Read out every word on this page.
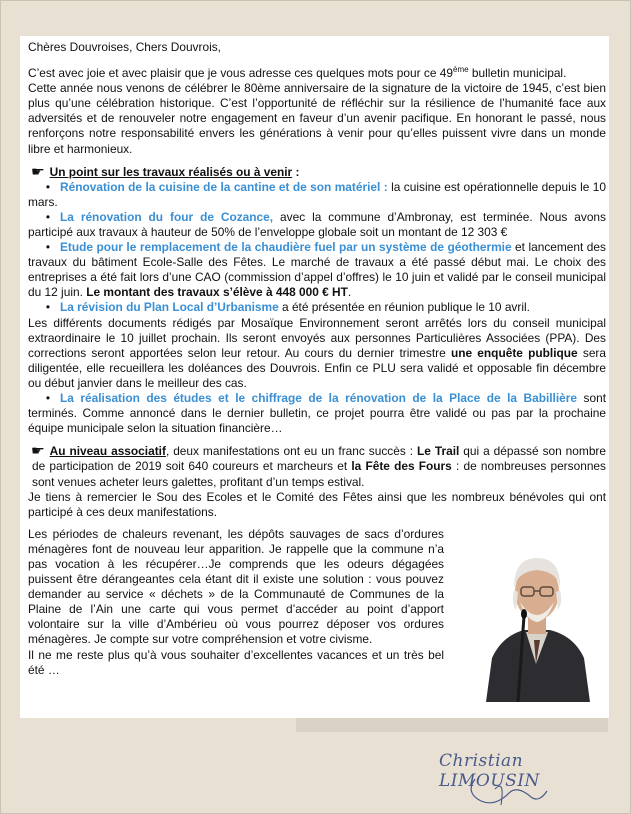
Chères Douvroises, Chers Douvrois,

C’est avec joie et avec plaisir que je vous adresse ces quelques mots pour ce 49ème bulletin municipal.

Cette année nous venons de célébrer le 80ème anniversaire de la signature de la victoire de 1945, c’est bien plus qu’une célébration historique. C’est l’opportunité de réfléchir sur la résilience de l’humanité face aux adversités et de renouveler notre engagement en faveur d’un avenir pacifique. En honorant le passé, nous renforçons notre responsabilité envers les générations à venir pour qu’elles puissent vivre dans un monde libre et harmonieux.

☛ Un point sur les travaux réalisés ou à venir :

• Rénovation de la cuisine de la cantine et de son matériel : la cuisine est opérationnelle depuis le 10 mars.

• La rénovation du four de Cozance, avec la commune d’Ambronay, est terminée. Nous avons participé aux travaux à hauteur de 50% de l’enveloppe globale soit un montant de 12 303 €

• Etude pour le remplacement de la chaudière fuel par un système de géothermie et lancement des travaux du bâtiment Ecole-Salle des Fêtes. Le marché de travaux a été passé début mai. Le choix des entreprises a été fait lors d’une CAO (commission d’appel d’offres) le 10 juin et validé par le conseil municipal du 12 juin. Le montant des travaux s’élève à 448 000 € HT.

• La révision du Plan Local d’Urbanisme a été présentée en réunion publique le 10 avril.

Les différents documents rédigés par Mosaïque Environnement seront arrêtés lors du conseil municipal extraordinaire le 10 juillet prochain. Ils seront envoyés aux personnes Particulières Associées (PPA). Des corrections seront apportées selon leur retour. Au cours du dernier trimestre une enquête publique sera diligentée, elle recueillera les doléances des Douvrois. Enfin ce PLU sera validé et opposable fin décembre ou début janvier dans le meilleur des cas.

• La réalisation des études et le chiffrage de la rénovation de la Place de la Babillière sont terminés. Comme annoncé dans le dernier bulletin, ce projet pourra être validé ou pas par la prochaine équipe municipale selon la situation financière…

☛ Au niveau associatif, deux manifestations ont eu un franc succès : Le Trail qui a dépassé son nombre de participation de 2019 soit 640 coureurs et marcheurs et la Fête des Fours : de nombreuses personnes sont venues acheter leurs galettes, profitant d’un temps estival.

Je tiens à remercier le Sou des Ecoles et le Comité des Fêtes ainsi que les nombreux bénévoles qui ont participé à ces deux manifestations.

Les périodes de chaleurs revenant, les dépôts sauvages de sacs d’ordures ménagères font de nouveau leur apparition. Je rappelle que la commune n’a pas vocation à les récupérer…Je comprends que les odeurs dégagées puissent être dérangeantes cela étant dit il existe une solution : vous pouvez demander au service « déchets » de la Communauté de Communes de la Plaine de l’Ain une carte qui vous permet d’accéder au point d’apport volontaire sur la ville d’Ambérieu où vous pourrez déposer vos ordures ménagères. Je compte sur votre compréhension et votre civisme.

Il ne me reste plus qu’à vous souhaiter d’excellentes vacances et un très bel été …

Christian LIMOUSIN
